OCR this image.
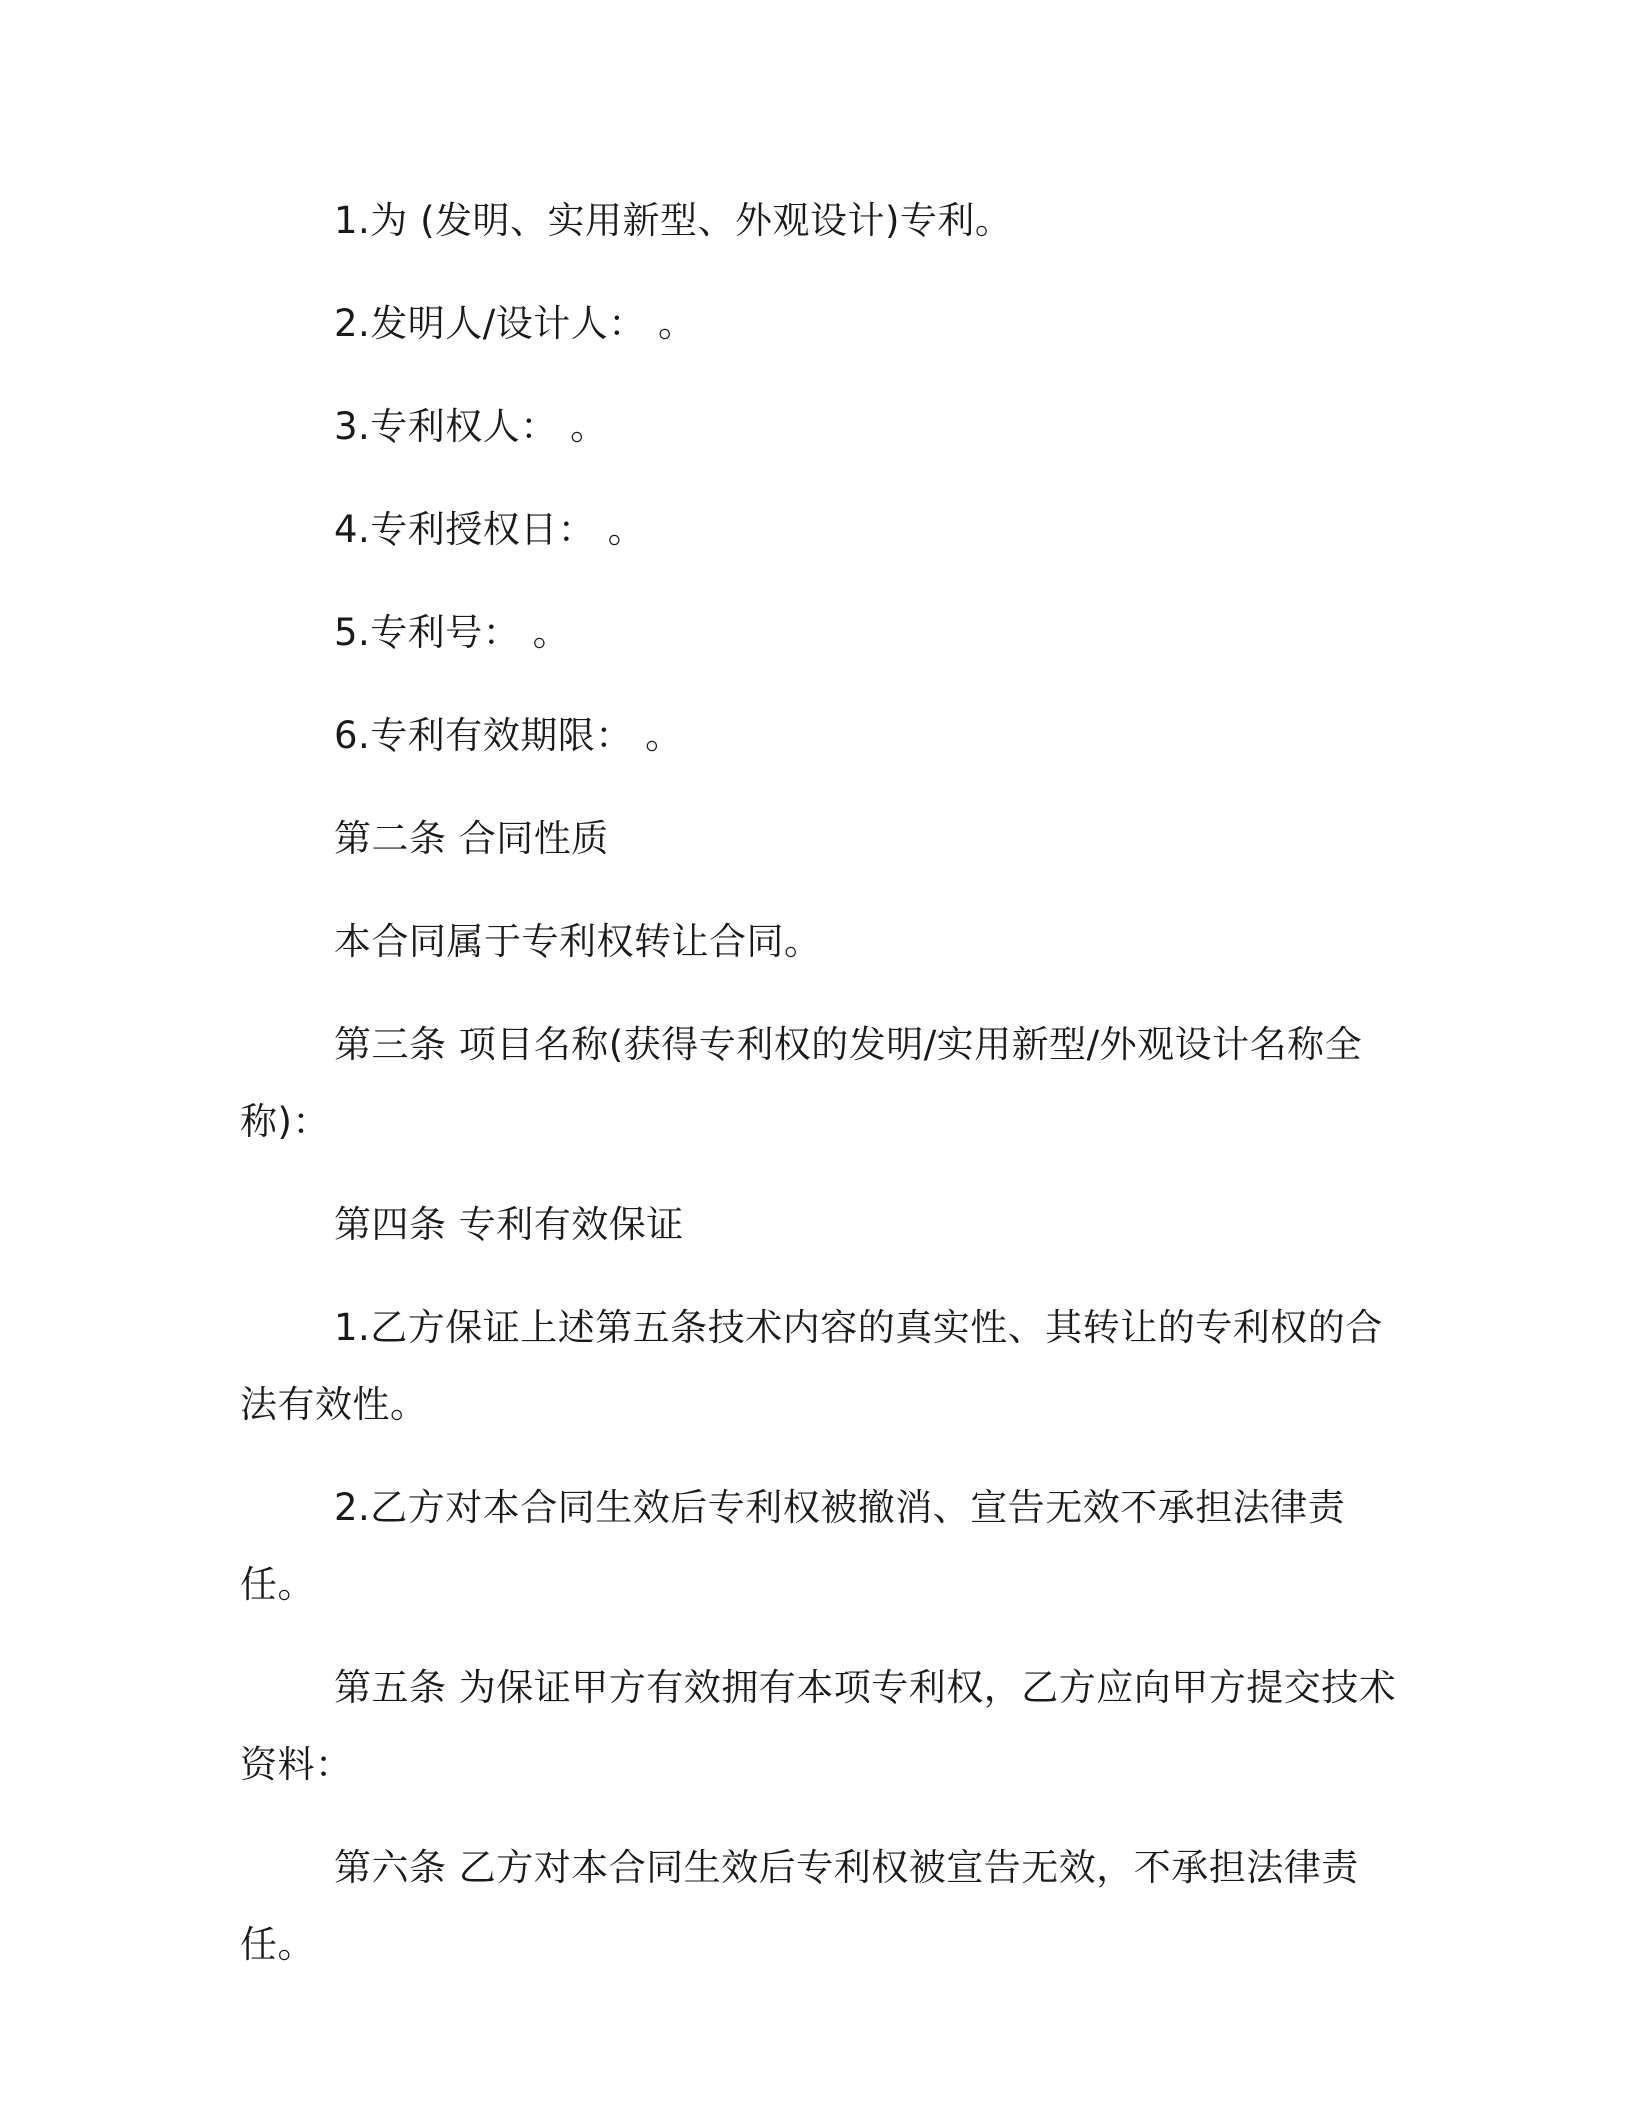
1.为 (发明、实用新型、外观设计)专利。

2.发明人/设计人： 。

3.专利权人： 。

4.专利授权日： 。

5.专利号： 。

6.专利有效期限： 。

第二条 合同性质

本合同属于专利权转让合同。

第三条 项目名称(获得专利权的发明/实用新型/外观设计名称全称)：

第四条 专利有效保证

1.乙方保证上述第五条技术内容的真实性、其转让的专利权的合法有效性。

2.乙方对本合同生效后专利权被撤消、宣告无效不承担法律责任。

第五条 为保证甲方有效拥有本项专利权，乙方应向甲方提交技术资料：

第六条 乙方对本合同生效后专利权被宣告无效，不承担法律责任。
